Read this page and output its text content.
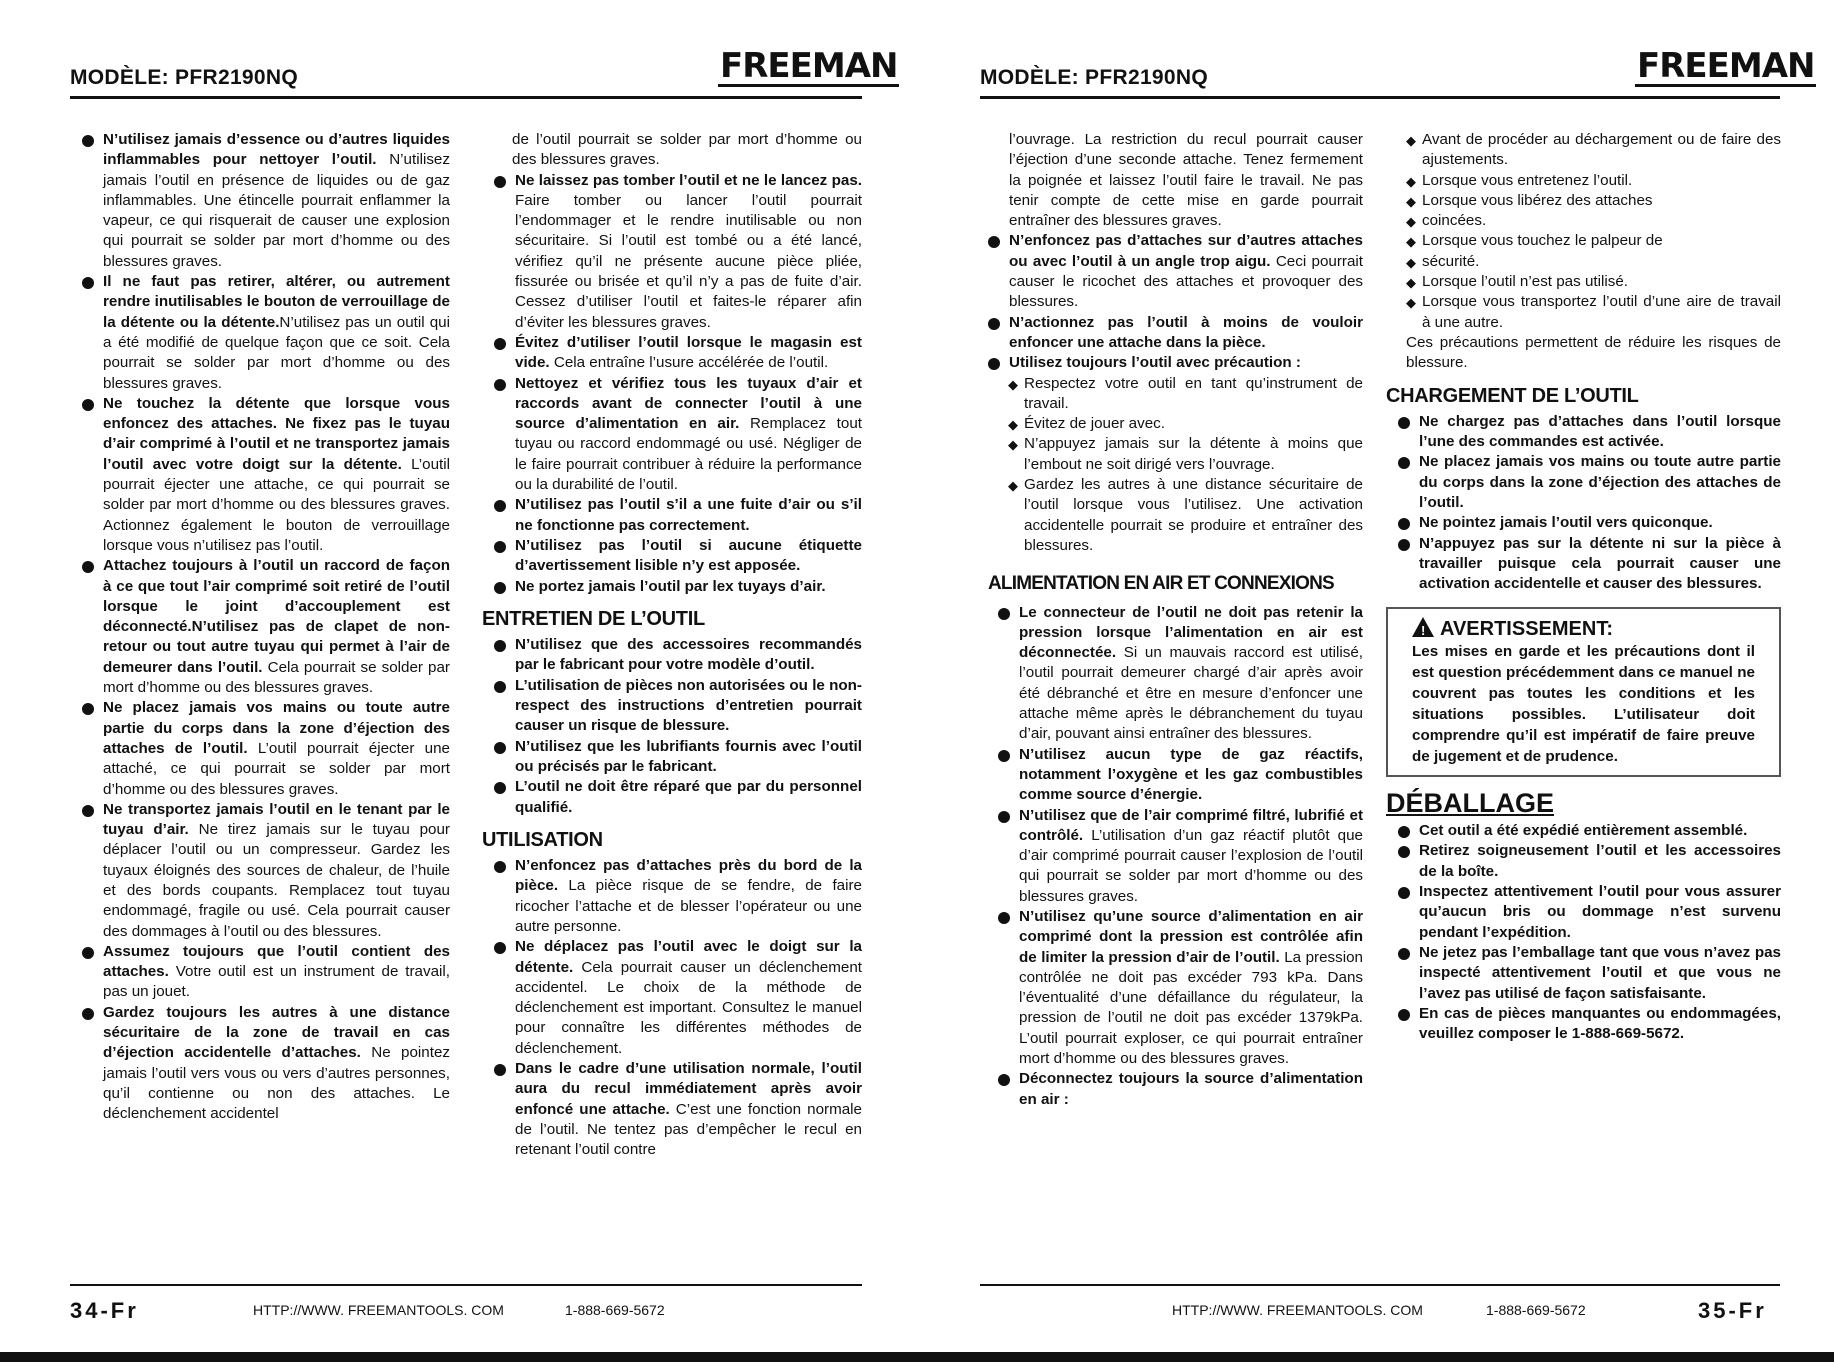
MODÈLE: PFR2190NQ	FREEMAN
N’utilisez jamais d’essence ou d’autres liquides inflammables pour nettoyer l’outil. N’utilisez jamais l’outil en présence de liquides ou de gaz inflammables. Une étincelle pourrait enflammer la vapeur, ce qui risquerait de causer une explosion qui pourrait se solder par mort d’homme ou des blessures graves.
Il ne faut pas retirer, altérer, ou autrement rendre inutilisables le bouton de verrouillage de la détente ou la détente.N’utilisez pas un outil qui a été modifié de quelque façon que ce soit. Cela pourrait se solder par mort d’homme ou des blessures graves.
Ne touchez la détente que lorsque vous enfoncez des attaches. Ne fixez pas le tuyau d’air comprimé à l’outil et ne transportez jamais l’outil avec votre doigt sur la détente. L’outil pourrait éjecter une attache, ce qui pourrait se solder par mort d’homme ou des blessures graves. Actionnez également le bouton de verrouillage lorsque vous n’utilisez pas l’outil.
Attachez toujours à l’outil un raccord de façon à ce que tout l’air comprimé soit retiré de l’outil lorsque le joint d’accouplement est déconnecté.N’utilisez pas de clapet de non-retour ou tout autre tuyau qui permet à l’air de demeurer dans l’outil. Cela pourrait se solder par mort d’homme ou des blessures graves.
Ne placez jamais vos mains ou toute autre partie du corps dans la zone d’éjection des attaches de l’outil. L’outil pourrait éjecter une attaché, ce qui pourrait se solder par mort d’homme ou des blessures graves.
Ne transportez jamais l’outil en le tenant par le tuyau d’air. Ne tirez jamais sur le tuyau pour déplacer l’outil ou un compresseur. Gardez les tuyaux éloignés des sources de chaleur, de l’huile et des bords coupants. Remplacez tout tuyau endommagé, fragile ou usé. Cela pourrait causer des dommages à l’outil ou des blessures.
Assumez toujours que l’outil contient des attaches. Votre outil est un instrument de travail, pas un jouet.
Gardez toujours les autres à une distance sécuritaire de la zone de travail en cas d’éjection accidentelle d’attaches. Ne pointez jamais l’outil vers vous ou vers d’autres personnes, qu’il contienne ou non des attaches. Le déclenchement accidentel

de l’outil pourrait se solder par mort d’homme ou des blessures graves.

Ne laissez pas tomber l’outil et ne le lancez pas. Faire tomber ou lancer l’outil pourrait l’endommager et le rendre inutilisable ou non sécuritaire. Si l’outil est tombé ou a été lancé, vérifiez qu’il ne présente aucune pièce pliée, fissurée ou brisée et qu’il n’y a pas de fuite d’air. Cessez d’utiliser l’outil et faites-le réparer afin d’éviter les blessures graves.
Évitez d’utiliser l’outil lorsque le magasin est vide. Cela entraîne l’usure accélérée de l’outil.
Nettoyez et vérifiez tous les tuyaux d’air et raccords avant de connecter l’outil à une source d’alimentation en air. Remplacez tout tuyau ou raccord endommagé ou usé. Négliger de le faire pourrait contribuer à réduire la performance ou la durabilité de l’outil.
N’utilisez pas l’outil s’il a une fuite d’air ou s’il ne fonctionne pas correctement.
N’utilisez pas l’outil si aucune étiquette d’avertissement lisible n’y est apposée.
Ne portez jamais l’outil par lex tuyays d’air.
ENTRETIEN DE L’OUTIL
N’utilisez que des accessoires recommandés par le fabricant pour votre modèle d’outil.
L’utilisation de pièces non autorisées ou le non-respect des instructions d’entretien pourrait causer un risque de blessure.
N’utilisez que les lubrifiants fournis avec l’outil ou précisés par le fabricant.
L’outil ne doit être réparé que par du personnel qualifié.
UTILISATION
N’enfoncez pas d’attaches près du bord de la pièce. La pièce risque de se fendre, de faire ricocher l’attache et de blesser l’opérateur ou une autre personne.
Ne déplacez pas l’outil avec le doigt sur la détente. Cela pourrait causer un déclenchement accidentel. Le choix de la méthode de déclenchement est important. Consultez le manuel pour connaître les différentes méthodes de déclenchement.
Dans le cadre d’une utilisation normale, l’outil aura du recul immédiatement après avoir enfoncé une attache. C’est une fonction normale de l’outil. Ne tentez pas d’empêcher le recul en retenant l’outil contre
34-Fr	HTTP://WWW. FREEMANTOOLS. COM	1-888-669-5672
MODÈLE: PFR2190NQ	FREEMAN

l’ouvrage. La restriction du recul pourrait causer l’éjection d’une seconde attache. Tenez fermement la poignée et laissez l’outil faire le travail. Ne pas tenir compte de cette mise en garde pourrait entraîner des blessures graves.

N’enfoncez pas d’attaches sur d’autres attaches ou avec l’outil à un angle trop aigu. Ceci pourrait causer le ricochet des attaches et provoquer des blessures.
N’actionnez pas l’outil à moins de vouloir enfoncer une attache dans la pièce.
Utilisez toujours l’outil avec précaution :
◆ Respectez votre outil en tant qu’instrument de travail.
◆ Évitez de jouer avec.
◆ N’appuyez jamais sur la détente à moins que l’embout ne soit dirigé vers l’ouvrage.
◆ Gardez les autres à une distance sécuritaire de l’outil lorsque vous l’utilisez. Une activation accidentelle pourrait se produire et entraîner des blessures.
ALIMENTATION EN AIR ET CONNEXIONS
Le connecteur de l’outil ne doit pas retenir la pression lorsque l’alimentation en air est déconnectée. Si un mauvais raccord est utilisé, l’outil pourrait demeurer chargé d’air après avoir été débranché et être en mesure d’enfoncer une attache même après le débranchement du tuyau d’air, pouvant ainsi entraîner des blessures.
N’utilisez aucun type de gaz réactifs, notamment l’oxygène et les gaz combustibles comme source d’énergie.
N’utilisez que de l’air comprimé filtré, lubrifié et contrôlé. L’utilisation d’un gaz réactif plutôt que d’air comprimé pourrait causer l’explosion de l’outil qui pourrait se solder par mort d’homme ou des blessures graves.
N’utilisez qu’une source d’alimentation en air comprimé dont la pression est contrôlée afin de limiter la pression d’air de l’outil. La pression contrôlée ne doit pas excéder 793 kPa. Dans l’éventualité d’une défaillance du régulateur, la pression de l’outil ne doit pas excéder 1379kPa. L’outil pourrait exploser, ce qui pourrait entraîner mort d’homme ou des blessures graves.
Déconnectez toujours la source d’alimentation en air :
◆ Avant de procéder au déchargement ou de faire des ajustements.
◆ Lorsque vous entretenez l’outil.
◆ Lorsque vous libérez des attaches
◆ coincées.
◆ Lorsque vous touchez le palpeur de
◆ sécurité.
◆ Lorsque l’outil n’est pas utilisé.
◆ Lorsque vous transportez l’outil d’une aire de travail à une autre.

Ces précautions permettent de réduire les risques de blessure.

CHARGEMENT DE L’OUTIL
Ne chargez pas d’attaches dans l’outil lorsque l’une des commandes est activée.
Ne placez jamais vos mains ou toute autre partie du corps dans la zone d’éjection des attaches de l’outil.
Ne pointez jamais l’outil vers quiconque.
N’appuyez pas sur la détente ni sur la pièce à travailler puisque cela pourrait causer une activation accidentelle et causer des blessures.
! AVERTISSEMENT:
Les mises en garde et les précautions dont il est question précédemment dans ce manuel ne couvrent pas toutes les conditions et les situations possibles. L’utilisateur doit comprendre qu’il est impératif de faire preuve de jugement et de prudence.
DÉBALLAGE
Cet outil a été expédié entièrement assemblé.
Retirez soigneusement l’outil et les accessoires de la boîte.
Inspectez attentivement l’outil pour vous assurer qu’aucun bris ou dommage n’est survenu pendant l’expédition.
Ne jetez pas l’emballage tant que vous n’avez pas inspecté attentivement l’outil et que vous ne l’avez pas utilisé de façon satisfaisante.
En cas de pièces manquantes ou endommagées, veuillez composer le 1-888-669-5672.
HTTP://WWW. FREEMANTOOLS. COM	1-888-669-5672	35-Fr
